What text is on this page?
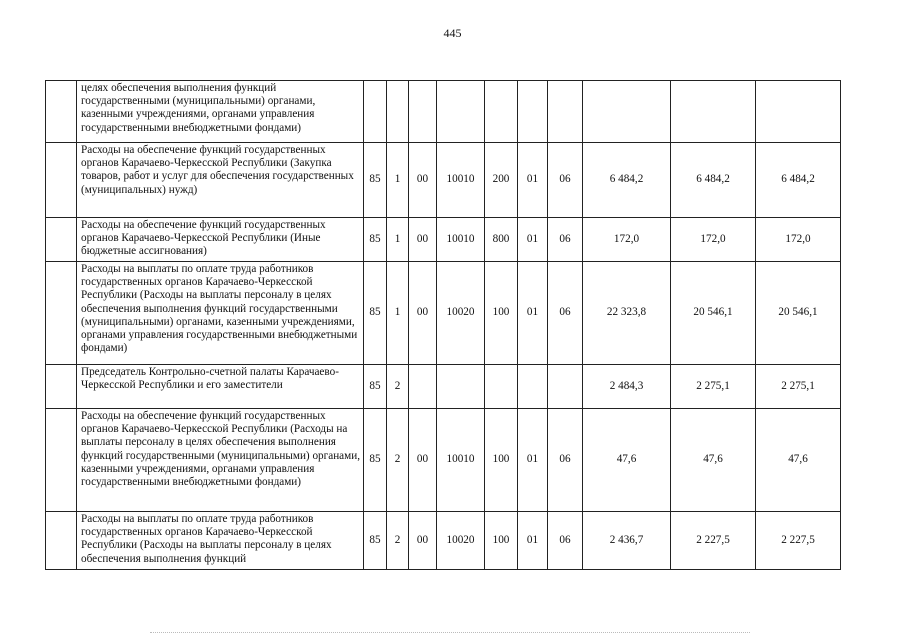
445
	целях обеспечения выполнения функций государственными (муниципальными) органами, казенными учреждениями, органами управления государственными внебюджетными фондами)										
	Расходы на обеспечение функций государственных органов Карачаево-Черкесской Республики (Закупка товаров, работ и услуг для обеспечения государственных (муниципальных) нужд)	85	1	00	10010	200	01	06	6 484,2	6 484,2	6 484,2
	Расходы на обеспечение функций государственных органов Карачаево-Черкесской Республики (Иные бюджетные ассигнования)	85	1	00	10010	800	01	06	172,0	172,0	172,0
	Расходы на выплаты по оплате труда работников государственных органов Карачаево-Черкесской Республики (Расходы на выплаты персоналу в целях обеспечения выполнения функций государственными (муниципальными) органами, казенными учреждениями, органами управления государственными внебюджетными фондами)	85	1	00	10020	100	01	06	22 323,8	20 546,1	20 546,1
	Председатель Контрольно-счетной палаты Карачаево-Черкесской Республики и его заместители	85	2						2 484,3	2 275,1	2 275,1
	Расходы на обеспечение функций государственных органов Карачаево-Черкесской Республики (Расходы на выплаты персоналу в целях обеспечения выполнения функций государственными (муниципальными) органами, казенными учреждениями, органами управления государственными внебюджетными фондами)	85	2	00	10010	100	01	06	47,6	47,6	47,6
	Расходы на выплаты по оплате труда работников государственных органов Карачаево-Черкесской Республики (Расходы на выплаты персоналу в целях обеспечения выполнения функций	85	2	00	10020	100	01	06	2 436,7	2 227,5	2 227,5
